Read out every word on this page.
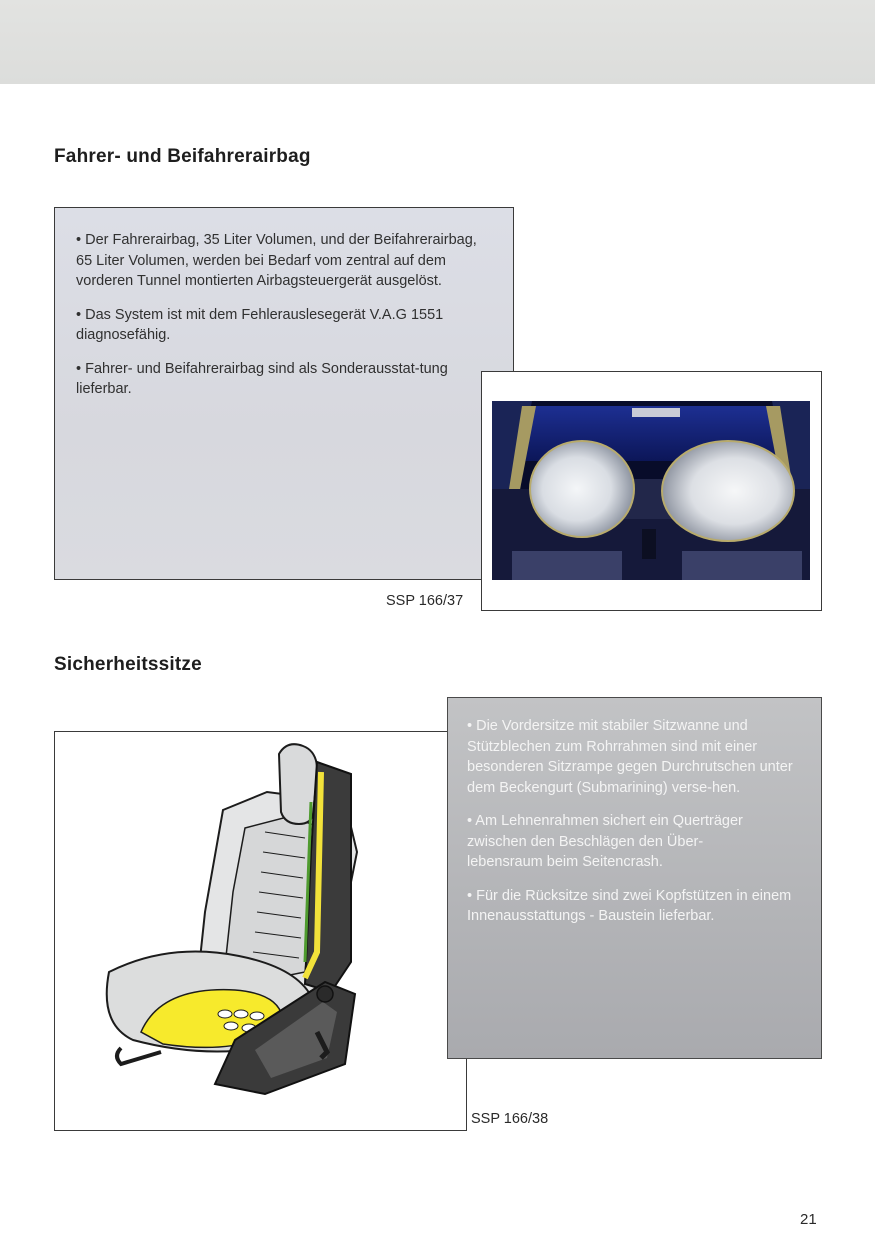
Fahrer- und Beifahrerairbag

• Der Fahrerairbag, 35 Liter Volumen, und der Beifahrerairbag, 65 Liter Volumen, werden bei Bedarf vom zentral auf dem vorderen Tunnel montierten Airbagsteuergerät ausgelöst.

• Das System ist mit dem Fehlerauslesegerät V.A.G 1551 diagnosefähig.

• Fahrer- und Beifahrerairbag sind als Sonderausstat-tung lieferbar.

SSP 166/37
Sicherheitssitze

• Die Vordersitze mit stabiler Sitzwanne und Stützblechen zum Rohrrahmen sind mit einer besonderen Sitzrampe gegen Durchrutschen unter dem Beckengurt (Submarining) verse-hen.

• Am Lehnenrahmen sichert ein Querträger zwischen den Beschlägen den Über-lebensraum beim Seitencrash.

• Für die Rücksitze sind zwei Kopfstützen in einem Innenausstattungs - Baustein lieferbar.

SSP 166/38
21
